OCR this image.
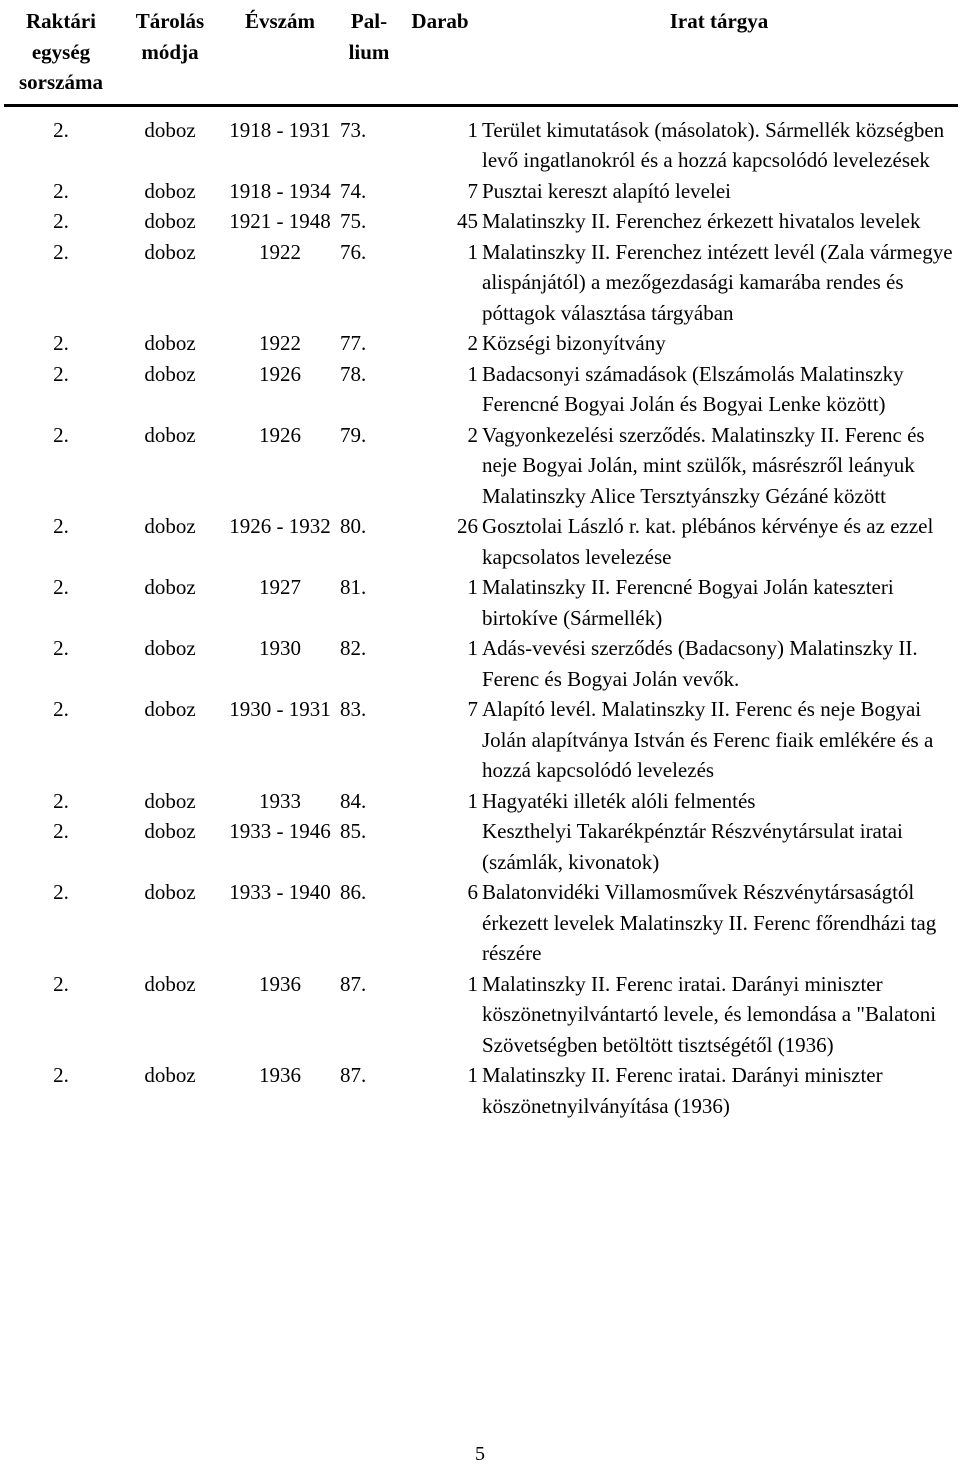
Raktári egység sorszáma	Tárolás módja	Évszám	Pal- lium	Darab	Irat tárgya
2.	doboz	1918 - 1931	73.	1	Terület kimutatások (másolatok). Sármellék községben levő ingatlanokról és a hozzá kapcsolódó levelezések
2.	doboz	1918 - 1934	74.	7	Pusztai kereszt alapító levelei
2.	doboz	1921 - 1948	75.	45	Malatinszky II. Ferenchez érkezett hivatalos levelek
2.	doboz	1922	76.	1	Malatinszky II. Ferenchez intézett levél (Zala vármegye alispánjától) a mezőgezdasági kamarába rendes és póttagok választása tárgyában
2.	doboz	1922	77.	2	Községi bizonyítvány
2.	doboz	1926	78.	1	Badacsonyi számadások (Elszámolás Malatinszky Ferencné Bogyai Jolán és Bogyai Lenke között)
2.	doboz	1926	79.	2	Vagyonkezelési szerződés. Malatinszky II. Ferenc és neje Bogyai Jolán, mint szülők, másrészről leányuk Malatinszky Alice Tersztyánszky Gézáné között
2.	doboz	1926 - 1932	80.	26	Gosztolai László r. kat. plébános kérvénye és az ezzel kapcsolatos levelezése
2.	doboz	1927	81.	1	Malatinszky II. Ferencné Bogyai Jolán kateszteri birtokíve (Sármellék)
2.	doboz	1930	82.	1	Adás-vevési szerződés (Badacsony) Malatinszky II. Ferenc és Bogyai Jolán vevők.
2.	doboz	1930 - 1931	83.	7	Alapító levél. Malatinszky II. Ferenc és neje Bogyai Jolán alapítványa István és Ferenc fiaik emlékére és a hozzá kapcsolódó levelezés
2.	doboz	1933	84.	1	Hagyatéki illeték alóli felmentés
2.	doboz	1933 - 1946	85.		Keszthelyi Takarékpénztár Részvénytársulat iratai (számlák, kivonatok)
2.	doboz	1933 - 1940	86.	6	Balatonvidéki Villamosművek Részvénytársaságtól érkezett levelek Malatinszky II. Ferenc főrendházi tag részére
2.	doboz	1936	87.	1	Malatinszky II. Ferenc iratai. Darányi miniszter köszönetnyilvántartó levele, és lemondása a "Balatoni Szövetségben betöltött tisztségétől (1936)
2.	doboz	1936	87.	1	Malatinszky II. Ferenc iratai. Darányi miniszter köszönetnyilványítása (1936)
5
